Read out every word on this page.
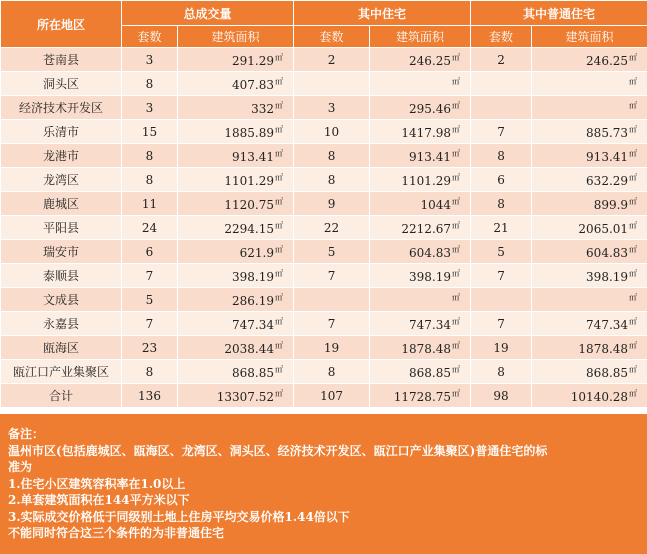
所在地区	总成交量		其中住宅		其中普通住宅	
	套数	建筑面积	套数	建筑面积	套数	建筑面积
苍南县	3	291.29㎡	2	246.25㎡	2	246.25㎡
洞头区	8	407.83㎡		㎡		㎡
经济技术开发区	3	332㎡	3	295.46㎡		㎡
乐清市	15	1885.89㎡	10	1417.98㎡	7	885.73㎡
龙港市	8	913.41㎡	8	913.41㎡	8	913.41㎡
龙湾区	8	1101.29㎡	8	1101.29㎡	6	632.29㎡
鹿城区	11	1120.75㎡	9	1044㎡	8	899.9㎡
平阳县	24	2294.15㎡	22	2212.67㎡	21	2065.01㎡
瑞安市	6	621.9㎡	5	604.83㎡	5	604.83㎡
泰顺县	7	398.19㎡	7	398.19㎡	7	398.19㎡
文成县	5	286.19㎡		㎡		㎡
永嘉县	7	747.34㎡	7	747.34㎡	7	747.34㎡
瓯海区	23	2038.44㎡	19	1878.48㎡	19	1878.48㎡
瓯江口产业集聚区	8	868.85㎡	8	868.85㎡	8	868.85㎡
合计	136	13307.52㎡	107	11728.75㎡	98	10140.28㎡
备注：
温州市区(包括鹿城区、瓯海区、龙湾区、洞头区、经济技术开发区、瓯江口产业集聚区)普通住宅的标
准为
1.住宅小区建筑容积率在1.0以上
2.单套建筑面积在144平方米以下
3.实际成交价格低于同级别土地上住房平均交易价格1.44倍以下
不能同时符合这三个条件的为非普通住宅
